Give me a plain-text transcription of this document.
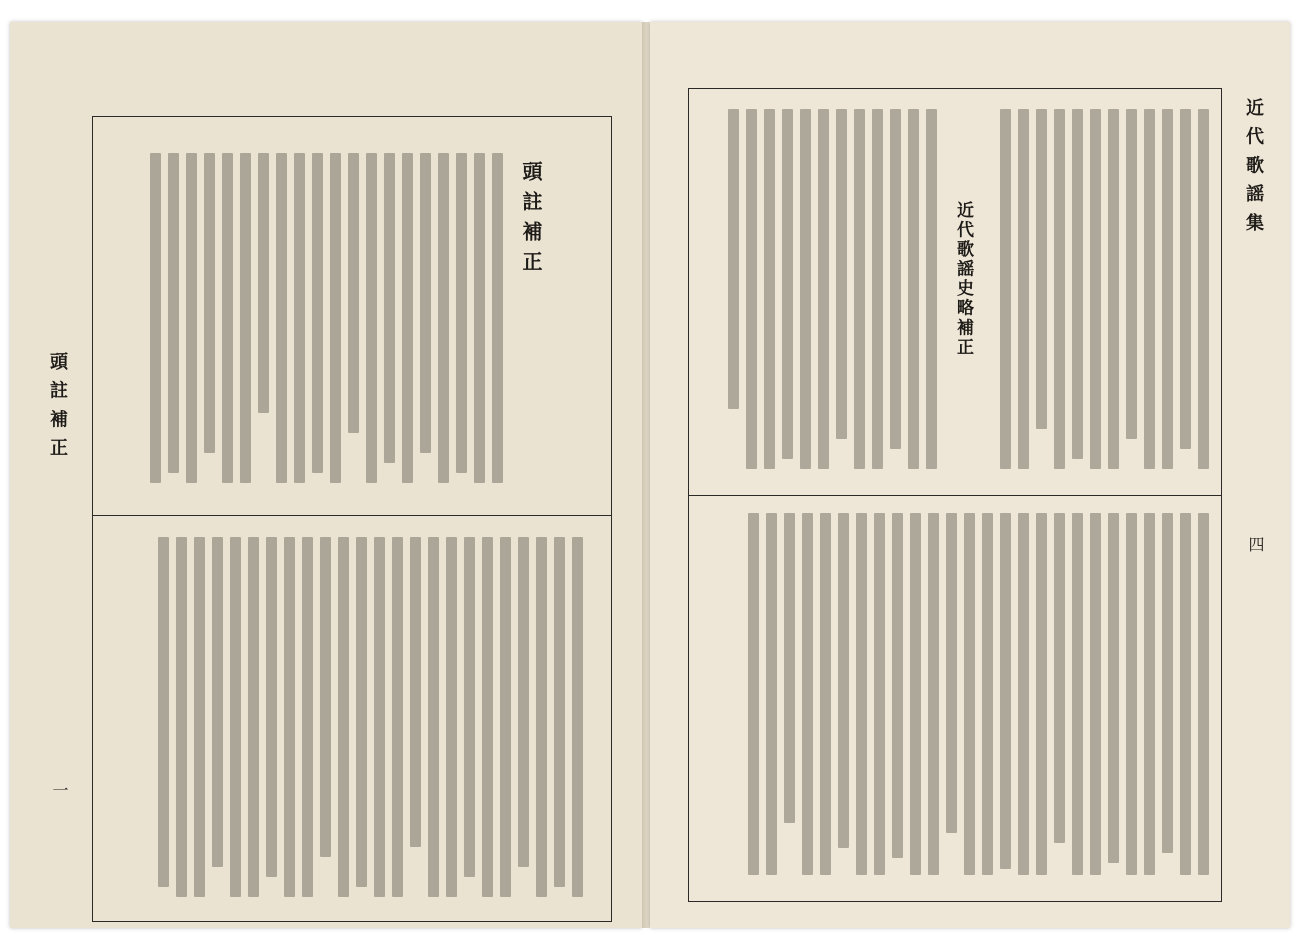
頭註補正
一
頭註補正	近代歌謡集
四
近代歌謡史略補正
